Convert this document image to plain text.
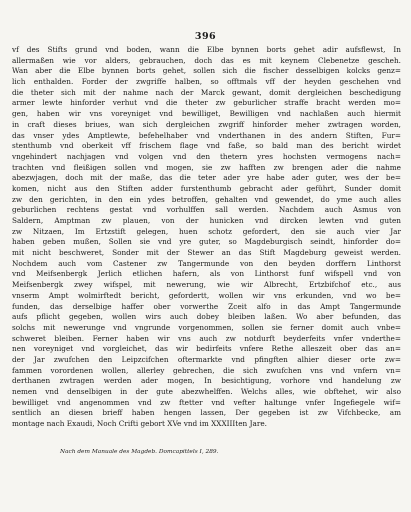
396
vf des Stifts grund vnd boden, wann die Elbe bynnen borts gehet adir aufsflewst, In
allermaßen wie vor alders, gebrauchen, doch das es mit keynem Clebenetze gescheh.
Wan aber die Elbe bynnen borts gehet, sollen sich die fischer desselbigen kolcks genz=
lich enthalden. Forder der zwgriffe halben, so offtmals vff der heyden geschehen vnd
die theter sich mit der nahme nach der Marck gewant, domit dergleichen beschedigung
armer lewte hinforder verhut vnd die theter zw geburlicher straffe bracht werden mo=
gen, haben wir vns voreyniget vnd bewilliget, Bewilligen vnd nachlaßen auch hiermit
in craft dieses briues, wan sich dergleichen zwgriff hinforder meher zwtragen worden,
das vnser ydes Amptlewte, befehelhaber vnd vnderthanen in des andern Stiften, Fur=
stenthumb vnd oberkeit vff frischem flage vnd faße, so bald man des bericht wirdet
vngehindert nachjagen vnd volgen vnd den thetern yres hochsten vermogens nach=
trachten vnd fleißigen sollen vnd mogen, sie zw hafften zw brengen ader die nahme
abezwjagen, doch mit der maße, das die teter ader yre habe ader guter, wes der be=
komen, nicht aus den Stiften adder furstenthumb gebracht ader geführt, Sunder domit
zw den gerichten, in den ein ydes betroffen, gehalten vnd gewendet, do yme auch alles
geburlichen rechtens gestat vnd vorhulffen sall werden. Nachdem auch Asmus von
Saldern, Amptman zw plauen, von der hunicken vnd dircken lewten vnd guten
zw Nitzaen, Im Ertzstift gelegen, huen schotz gefordert, den sie auch vier Jar
haben geben mußen, Sollen sie vnd yre guter, so Magdeburgisch seindt, hinforder do=
mit nicht beschweret, Sonder mit der Stewer an das Stift Magdeburg geweist werden.
Nochdem auch vom Castener zw Tangermunde von den beyden dorffern Linthorst
vnd Meifsenbergk Jerlich etlichen hafern, als von Linthorst funf wifspell vnd von
Meifsenbergk zwey wifspel, mit newerung, wie wir Albrecht, Ertzbifchof etc., aus
vnserm Ampt wolmirftedt bericht, gefordertt, wollen wir vns erkunden, vnd wo be=
funden, das derselbige haffer ober vorwerthe Zceit alfo in das Ampt Tangermunde
aufs pflicht gegeben, wollen wirs auch dobey bleiben laßen. Wo aber befunden, das
solchs mit newerunge vnd vngrunde vorgenommen, sollen sie ferner domit auch vnbe=
schweret bleiben. Ferner haben wir vns auch zw notdurft beyderfeits vnfer vnderthe=
nen voreyniget vnd vorgleichet, das wir bedirfeits vnfere Rethe alleszeit ober das an=
der Jar zwufchen den Leipzcifchen oftermarkte vnd pfingften alhier dieser orte zw=
fammen vorordenen wollen, allerley gebrechen, die sich zwufchen vns vnd vnfern vn=
derthanen zwtragen werden ader mogen, In besichtigung, vorhore vnd handelung zw
nemen vnd denselbigen in der gute abezwhelffen. Welchs alles, wie obftehet, wir also
bewilliget vnd angenommen vnd zw ftetter vnd vefter haltunge vnfer Ingefiegele wif=
sentlich an diesen brieff haben hengen lassen, Der gegeben ist zw Vifchbecke, am
montage nach Exaudi, Noch Crifti gebort XVe vnd im XXXIIIten Jare.
Nach dem Manuale des Magdeb. Domcapittels I, 289.
